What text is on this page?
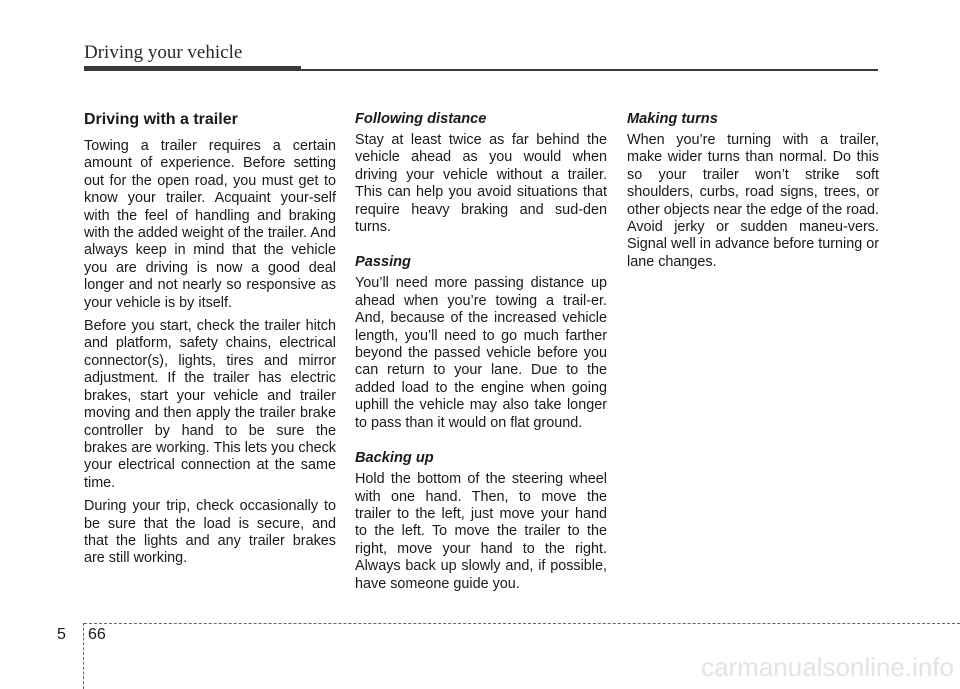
Driving your vehicle
Driving with a trailer

Towing a trailer requires a certain amount of experience. Before setting out for the open road, you must get to know your trailer. Acquaint your-self with the feel of handling and braking with the added weight of the trailer. And always keep in mind that the vehicle you are driving is now a good deal longer and not nearly so responsive as your vehicle is by itself.

Before you start, check the trailer hitch and platform, safety chains, electrical connector(s), lights, tires and mirror adjustment. If the trailer has electric brakes, start your vehicle and trailer moving and then apply the trailer brake controller by hand to be sure the brakes are working. This lets you check your electrical connection at the same time.

During your trip, check occasionally to be sure that the load is secure, and that the lights and any trailer brakes are still working.

Following distance

Stay at least twice as far behind the vehicle ahead as you would when driving your vehicle without a trailer. This can help you avoid situations that require heavy braking and sud-den turns.

Passing

You’ll need more passing distance up ahead when you’re towing a trail-er. And, because of the increased vehicle length, you’ll need to go much farther beyond the passed vehicle before you can return to your lane. Due to the added load to the engine when going uphill the vehicle may also take longer to pass than it would on flat ground.

Backing up

Hold the bottom of the steering wheel with one hand. Then, to move the trailer to the left, just move your hand to the left. To move the trailer to the right, move your hand to the right. Always back up slowly and, if possible, have someone guide you.

Making turns

When you’re turning with a trailer, make wider turns than normal. Do this so your trailer won’t strike soft shoulders, curbs, road signs, trees, or other objects near the edge of the road. Avoid jerky or sudden maneu-vers. Signal well in advance before turning or lane changes.

5 66
carmanualsonline.info
